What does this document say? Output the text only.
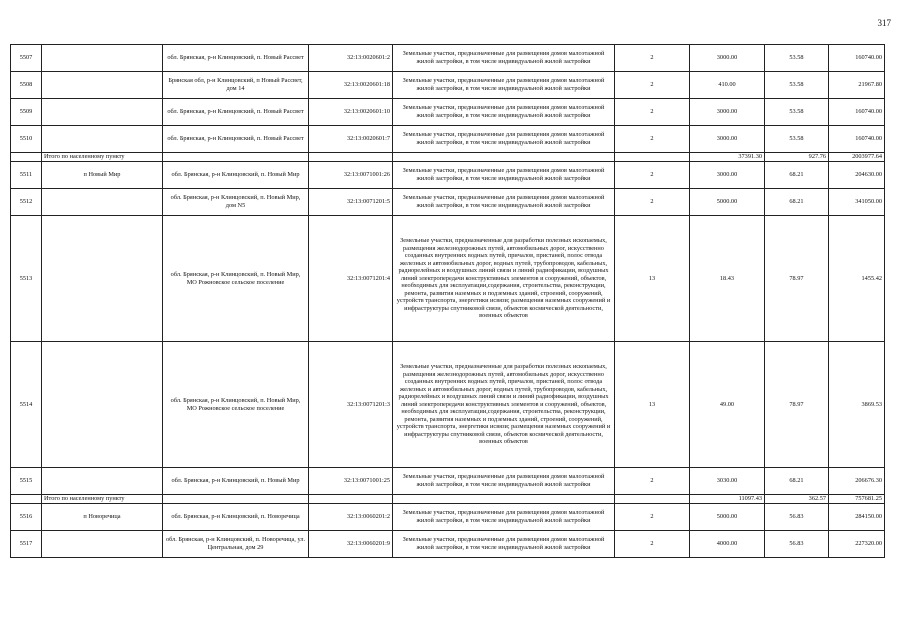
317
5507		обл. Брянская, р-н Клинцовский, п. Новый Рассвет	32:13:0020601:2	Земельные участки, предназначенные для размещения домов малоэтажной жилой застройки, в том числе индивидуальной жилой застройки	2	3000.00	53.58	160740.00
5508		Брянская обл, р-н Клинцовский, п Новый Рассвет, дом 14	32:13:0020601:18	Земельные участки, предназначенные для размещения домов малоэтажной жилой застройки, в том числе индивидуальной жилой застройки	2	410.00	53.58	21967.80
5509		обл. Брянская, р-н Клинцовский, п. Новый Рассвет	32:13:0020601:10	Земельные участки, предназначенные для размещения домов малоэтажной жилой застройки, в том числе индивидуальной жилой застройки	2	3000.00	53.58	160740.00
5510		обл. Брянская, р-н Клинцовский, п. Новый Рассвет	32:13:0020601:7	Земельные участки, предназначенные для размещения домов малоэтажной жилой застройки, в том числе индивидуальной жилой застройки	2	3000.00	53.58	160740.00
	Итого по населенному пункту					37391.30	927.76	2003977.64
5511	п Новый Мир	обл. Брянская, р-н Клинцовский, п. Новый Мир	32:13:0071001:26	Земельные участки, предназначенные для размещения домов малоэтажной жилой застройки, в том числе индивидуальной жилой застройки	2	3000.00	68.21	204630.00
5512		обл. Брянская, р-н Клинцовский, п. Новый Мир, дом N5	32:13:0071201:5	Земельные участки, предназначенные для размещения домов малоэтажной жилой застройки, в том числе индивидуальной жилой застройки	2	5000.00	68.21	341050.00
5513		обл. Брянская, р-н Клинцовский, п. Новый Мир, МО Рожновское сельское поселение	32:13:0071201:4	Земельные участки, предназначенные для разработки полезных ископаемых, размещения железнодорожных путей, автомобильных дорог, искусственно созданных внутренних водных путей, причалов, пристаней, полос отвода железных и автомобильных дорог, водных путей, трубопроводов, кабельных, радиорелейных и воздушных линий связи и линий радиофикации, воздушных линий электропередачи конструктивных элементов и сооружений, объектов, необходимых для эксплуатации,содержания, строительства, реконструкции, ремонта, развития наземных и подземных зданий, строений, сооружений, устройств транспорта, энергетики исвязи; размещения наземных сооружений и инфраструктуры спутниковой связи, объектов космической деятельности, военных объектов	13	18.43	78.97	1455.42
5514		обл. Брянская, р-н Клинцовский, п. Новый Мир, МО Рожновское сельское поселение	32:13:0071201:3	Земельные участки, предназначенные для разработки полезных ископаемых, размещения железнодорожных путей, автомобильных дорог, искусственно созданных внутренних водных путей, причалов, пристаней, полос отвода железных и автомобильных дорог, водных путей, трубопроводов, кабельных, радиорелейных и воздушных линий связи и линий радиофикации, воздушных линий электропередачи конструктивных элементов и сооружений, объектов, необходимых для эксплуатации,содержания, строительства, реконструкции, ремонта, развития наземных и подземных зданий, строений, сооружений, устройств транспорта, энергетики исвязи; размещения наземных сооружений и инфраструктуры спутниковой связи, объектов космической деятельности, военных объектов	13	49.00	78.97	3869.53
5515		обл. Брянская, р-н Клинцовский, п. Новый Мир	32:13:0071001:25	Земельные участки, предназначенные для размещения домов малоэтажной жилой застройки, в том числе индивидуальной жилой застройки	2	3030.00	68.21	206676.30
	Итого по населенному пункту					11097.43	362.57	757681.25
5516	п Новоречица	обл. Брянская, р-н Клинцовский, п. Новоречица	32:13:0060201:2	Земельные участки, предназначенные для размещения домов малоэтажной жилой застройки, в том числе индивидуальной жилой застройки	2	5000.00	56.83	284150.00
5517		обл. Брянская, р-н Клинцовский, п. Новоречица, ул. Центральная, дом 29	32:13:0060201:9	Земельные участки, предназначенные для размещения домов малоэтажной жилой застройки, в том числе индивидуальной жилой застройки	2	4000.00	56.83	227320.00
